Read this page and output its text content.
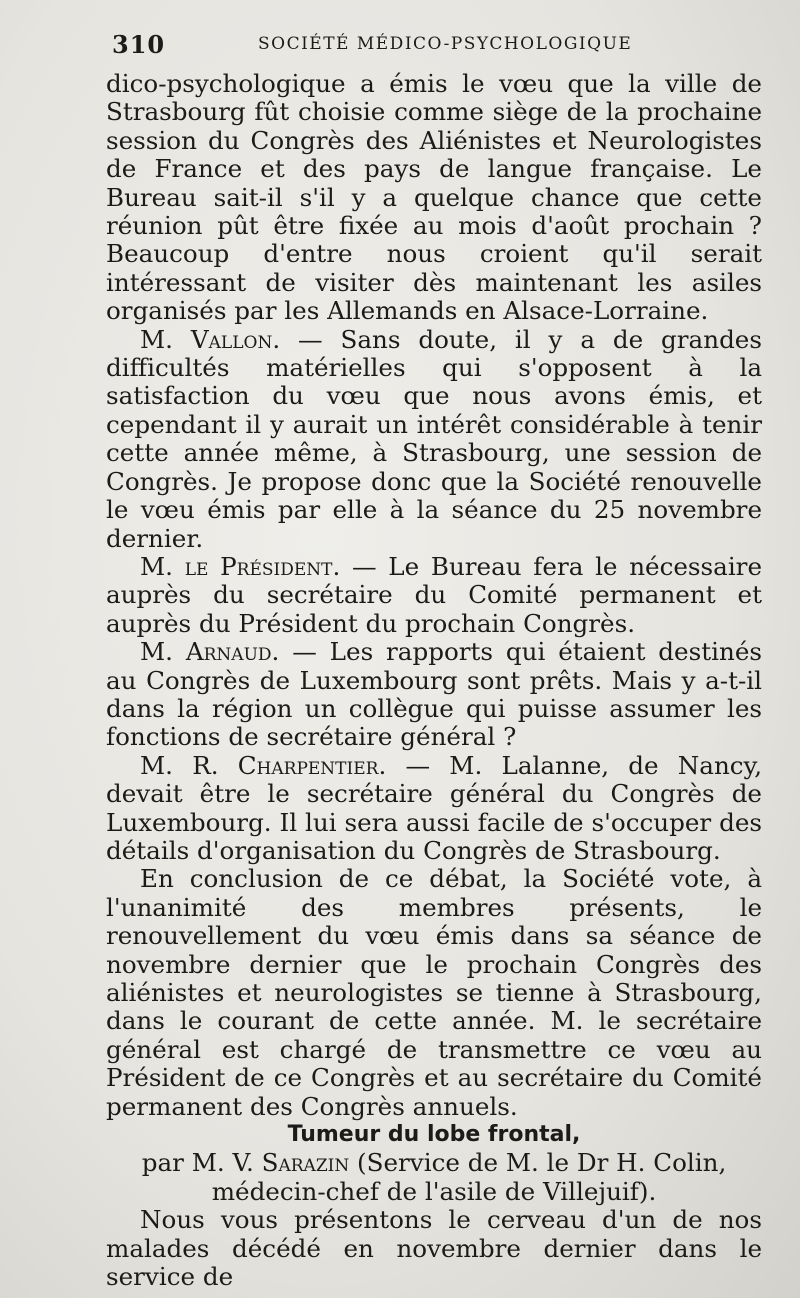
310	SOCIÉTÉ MÉDICO-PSYCHOLOGIQUE

dico-psychologique a émis le vœu que la ville de Strasbourg fût choisie comme siège de la prochaine session du Congrès des Aliénistes et Neurologistes de France et des pays de langue française. Le Bureau sait-il s'il y a quelque chance que cette réunion pût être fixée au mois d'août prochain ? Beaucoup d'entre nous croient qu'il serait intéressant de visiter dès maintenant les asiles organisés par les Allemands en Alsace-Lorraine.

M. Vallon. — Sans doute, il y a de grandes difficultés matérielles qui s'opposent à la satisfaction du vœu que nous avons émis, et cependant il y aurait un intérêt considérable à tenir cette année même, à Strasbourg, une session de Congrès. Je propose donc que la Société renouvelle le vœu émis par elle à la séance du 25 novembre dernier.

M. le Président. — Le Bureau fera le nécessaire auprès du secrétaire du Comité permanent et auprès du Président du prochain Congrès.

M. Arnaud. — Les rapports qui étaient destinés au Congrès de Luxembourg sont prêts. Mais y a-t-il dans la région un collègue qui puisse assumer les fonctions de secrétaire général ?

M. R. Charpentier. — M. Lalanne, de Nancy, devait être le secrétaire général du Congrès de Luxembourg. Il lui sera aussi facile de s'occuper des détails d'organisation du Congrès de Strasbourg.

En conclusion de ce débat, la Société vote, à l'unanimité des membres présents, le renouvellement du vœu émis dans sa séance de novembre dernier que le prochain Congrès des aliénistes et neurologistes se tienne à Strasbourg, dans le courant de cette année. M. le secrétaire général est chargé de transmettre ce vœu au Président de ce Congrès et au secrétaire du Comité permanent des Congrès annuels.

Tumeur du lobe frontal,

par M. V. Sarazin (Service de M. le Dr H. Colin,

médecin-chef de l'asile de Villejuif).

Nous vous présentons le cerveau d'un de nos malades décédé en novembre dernier dans le service de
